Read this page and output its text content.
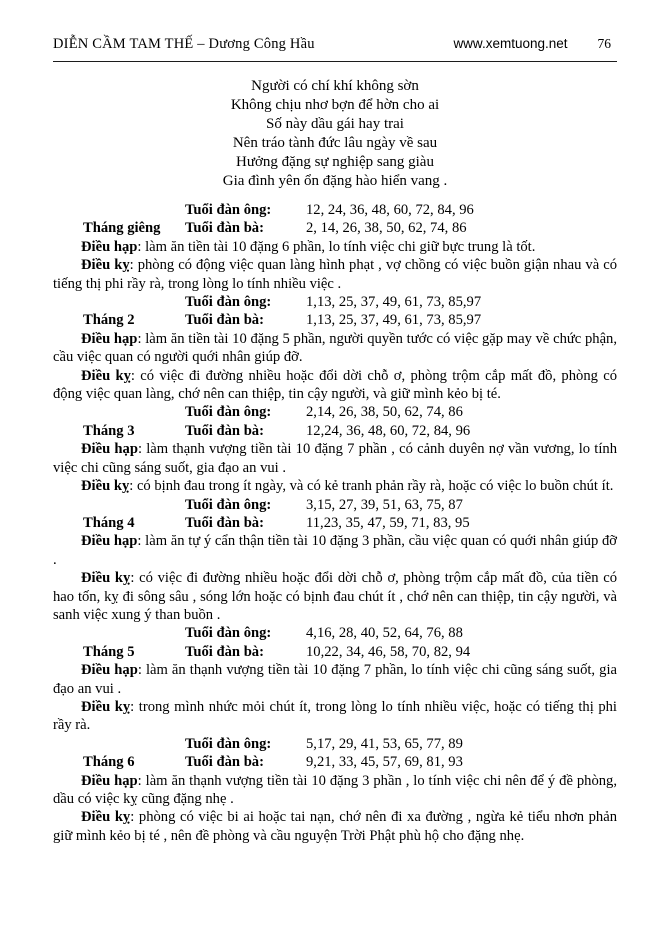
DIỄN CẦM TAM THẾ – Dương Công Hầu	www.xemtuong.net 76
Người có chí khí không sờn
Không chịu nhơ bợn để hờn cho ai
Số này dầu gái hay trai
Nên tráo tành đức lâu ngày về sau
Hưởng đặng sự nghiệp sang giàu
Gia đình yên ổn đặng hào hiển vang .
Tuổi đàn ông:	12, 24, 36, 48, 60, 72, 84, 96
Tháng giêng	Tuổi đàn bà:	2, 14, 26, 38, 50, 62, 74, 86

Điều hạp: làm ăn tiền tài 10 đặng 6 phần, lo tính việc chi giữ bực trung là tốt.

Điều kỵ: phòng có động việc quan làng hình phạt , vợ chồng có việc buồn giận nhau và có tiếng thị phi rầy rà, trong lòng lo tính nhiều việc .

Tuổi đàn ông:	1,13, 25, 37, 49, 61, 73, 85,97
Tháng 2	Tuổi đàn bà:	1,13, 25, 37, 49, 61, 73, 85,97

Điều hạp: làm ăn tiền tài 10 đặng 5 phần, người quyền tước có việc gặp may về chức phận, cầu việc quan có người quới nhân giúp đỡ.

Điều kỵ: có việc đi đường nhiều hoặc đổi dời chỗ ơ, phòng trộm cắp mất đồ, phòng có động việc quan làng, chớ nên can thiệp, tin cậy người, và giữ mình kẻo bị té.

Tuổi đàn ông:	2,14, 26, 38, 50, 62, 74, 86
Tháng 3	Tuổi đàn bà:	12,24, 36, 48, 60, 72, 84, 96

Điều hạp: làm thạnh vượng tiền tài 10 đặng 7 phần , có cảnh duyên nợ vần vương, lo tính việc chi cũng sáng suốt, gia đạo an vui .

Điều kỵ: có bịnh đau trong ít ngày, và có kẻ tranh phản rầy rà, hoặc có việc lo buồn chút ít.

Tuổi đàn ông:	3,15, 27, 39, 51, 63, 75, 87
Tháng 4	Tuổi đàn bà:	11,23, 35, 47, 59, 71, 83, 95

Điều hạp: làm ăn tự ý cẩn thận tiền tài 10 đặng 3 phần, cầu việc quan có quới nhân giúp đỡ .

Điều kỵ: có việc đi đường nhiều hoặc đổi dời chỗ ơ, phòng trộm cắp mất đồ, của tiền có hao tốn, kỵ đi sông sâu , sóng lớn hoặc có bịnh đau chút ít , chớ nên can thiệp, tin cậy người, và sanh việc xung ý than buồn .

Tuổi đàn ông:	4,16, 28, 40, 52, 64, 76, 88
Tháng 5	Tuổi đàn bà:	10,22, 34, 46, 58, 70, 82, 94

Điều hạp: làm ăn thạnh vượng tiền tài 10 đặng 7 phần, lo tính việc chi cũng sáng suốt, gia đạo an vui .

Điều kỵ: trong mình nhức mỏi chút ít, trong lòng lo tính nhiều việc, hoặc có tiếng thị phi rầy rà.

Tuổi đàn ông:	5,17, 29, 41, 53, 65, 77, 89
Tháng 6	Tuổi đàn bà:	9,21, 33, 45, 57, 69, 81, 93

Điều hạp: làm ăn thạnh vượng tiền tài 10 đặng 3 phần , lo tính việc chi nên để ý đề phòng, dầu có việc kỵ cũng đặng nhẹ .

Điều kỵ: phòng có việc bi ai hoặc tai nạn, chớ nên đi xa đường , ngừa kẻ tiểu nhơn phản giữ mình kẻo bị té , nên đề phòng và cầu nguyện Trời Phật phù hộ cho đặng nhẹ.
